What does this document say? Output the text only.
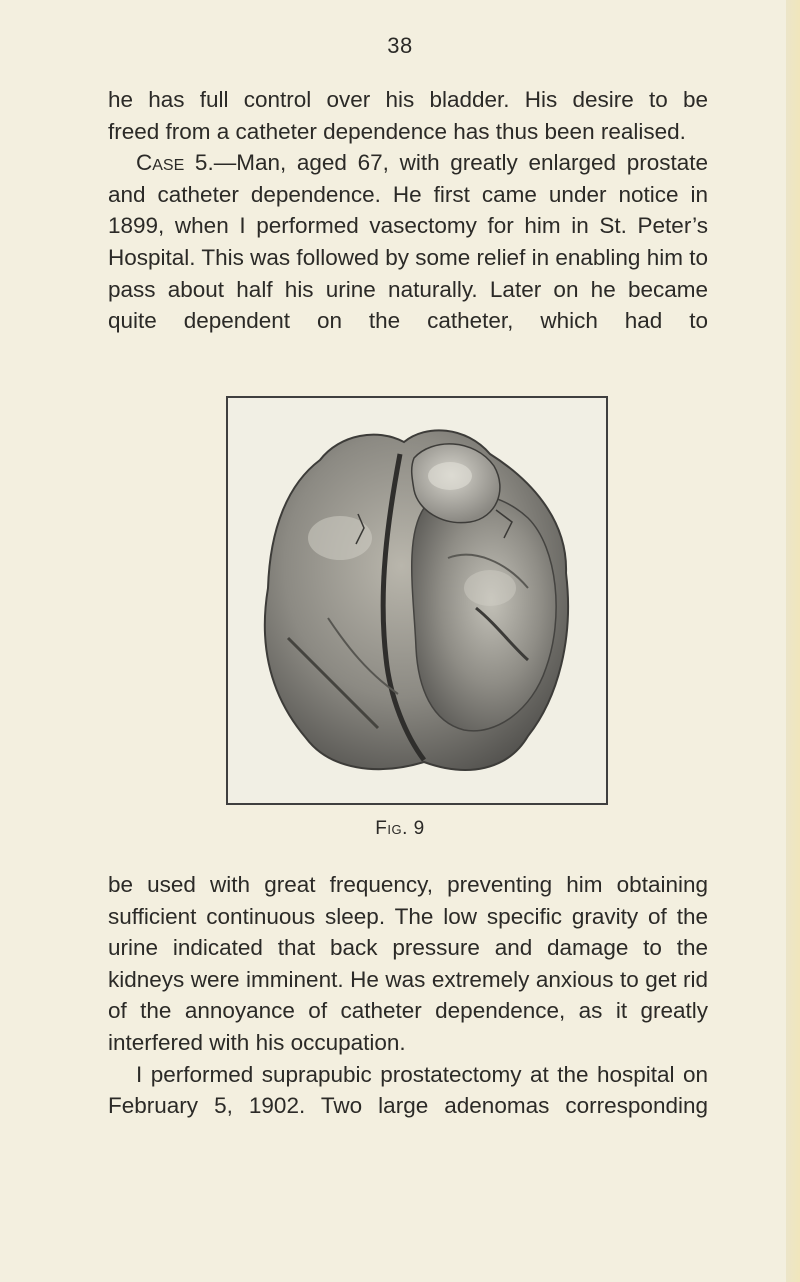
38

he has full control over his bladder. His desire to be

freed from a catheter dependence has thus been realised.

Case 5.—Man, aged 67, with greatly enlarged prostate and catheter dependence. He first came under notice in 1899, when I performed vasectomy for him in St. Peter’s Hospital. This was followed by some relief in enabling him to pass about half his urine naturally. Later on he became quite dependent on the catheter, which had to

Fig. 9

be used with great frequency, preventing him obtaining sufficient continuous sleep. The low specific gravity of the urine indicated that back pressure and damage to the kidneys were imminent. He was extremely anxious to get rid of the annoyance of catheter dependence, as it greatly interfered with his occupation.

I performed suprapubic prostatectomy at the hospital on February 5, 1902. Two large adenomas corresponding
